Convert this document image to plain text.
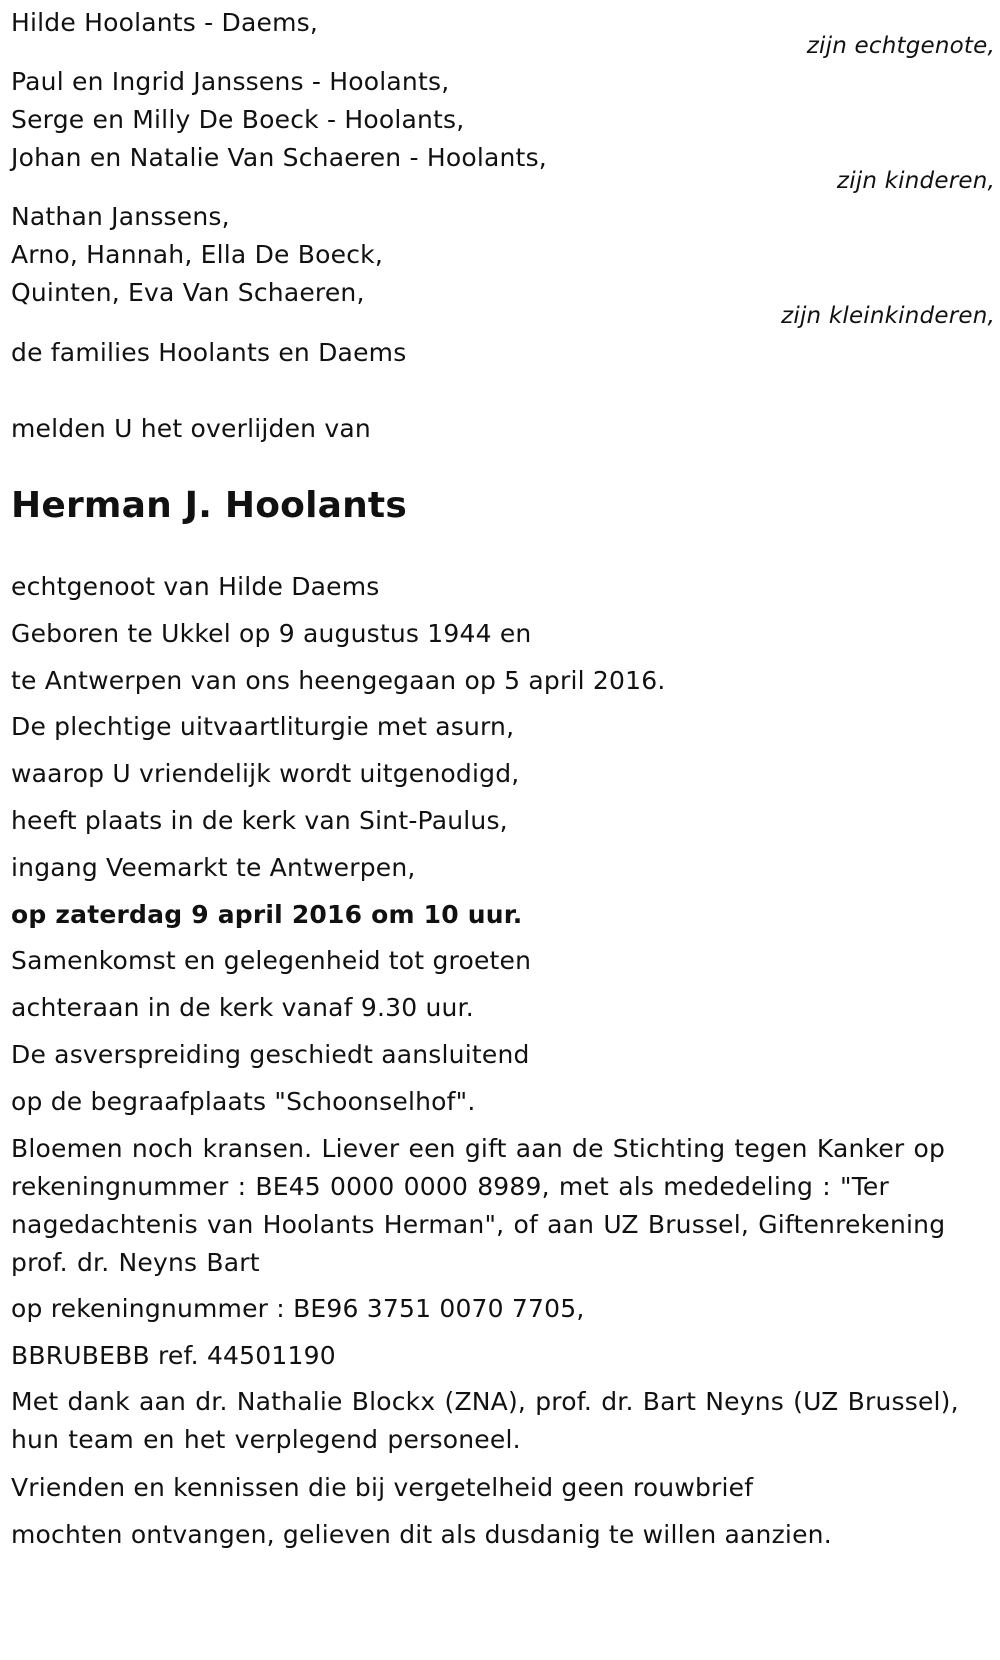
Hilde Hoolants - Daems,
zijn echtgenote,
Paul en Ingrid Janssens - Hoolants,
Serge en Milly De Boeck - Hoolants,
Johan en Natalie Van Schaeren - Hoolants,
zijn kinderen,
Nathan Janssens,
Arno, Hannah, Ella De Boeck,
Quinten, Eva Van Schaeren,
zijn kleinkinderen,
de families Hoolants en Daems
melden U het overlijden van
Herman J. Hoolants
echtgenoot van Hilde Daems
Geboren te Ukkel op 9 augustus 1944 en
te Antwerpen van ons heengegaan op 5 april 2016.
De plechtige uitvaartliturgie met asurn,
waarop U vriendelijk wordt uitgenodigd,
heeft plaats in de kerk van Sint-Paulus,
ingang Veemarkt te Antwerpen,
op zaterdag 9 april 2016 om 10 uur.
Samenkomst en gelegenheid tot groeten
achteraan in de kerk vanaf 9.30 uur.
De asverspreiding geschiedt aansluitend
op de begraafplaats "Schoonselhof".
Bloemen noch kransen. Liever een gift aan de Stichting tegen Kanker op rekeningnummer : BE45 0000 0000 8989, met als mededeling : "Ter nagedachtenis van Hoolants Herman", of aan UZ Brussel, Giftenrekening prof. dr. Neyns Bart
op rekeningnummer : BE96 3751 0070 7705,
BBRUBEBB ref. 44501190
Met dank aan dr. Nathalie Blockx (ZNA), prof. dr. Bart Neyns (UZ Brussel), hun team en het verplegend personeel.
Vrienden en kennissen die bij vergetelheid geen rouwbrief
mochten ontvangen, gelieven dit als dusdanig te willen aanzien.
